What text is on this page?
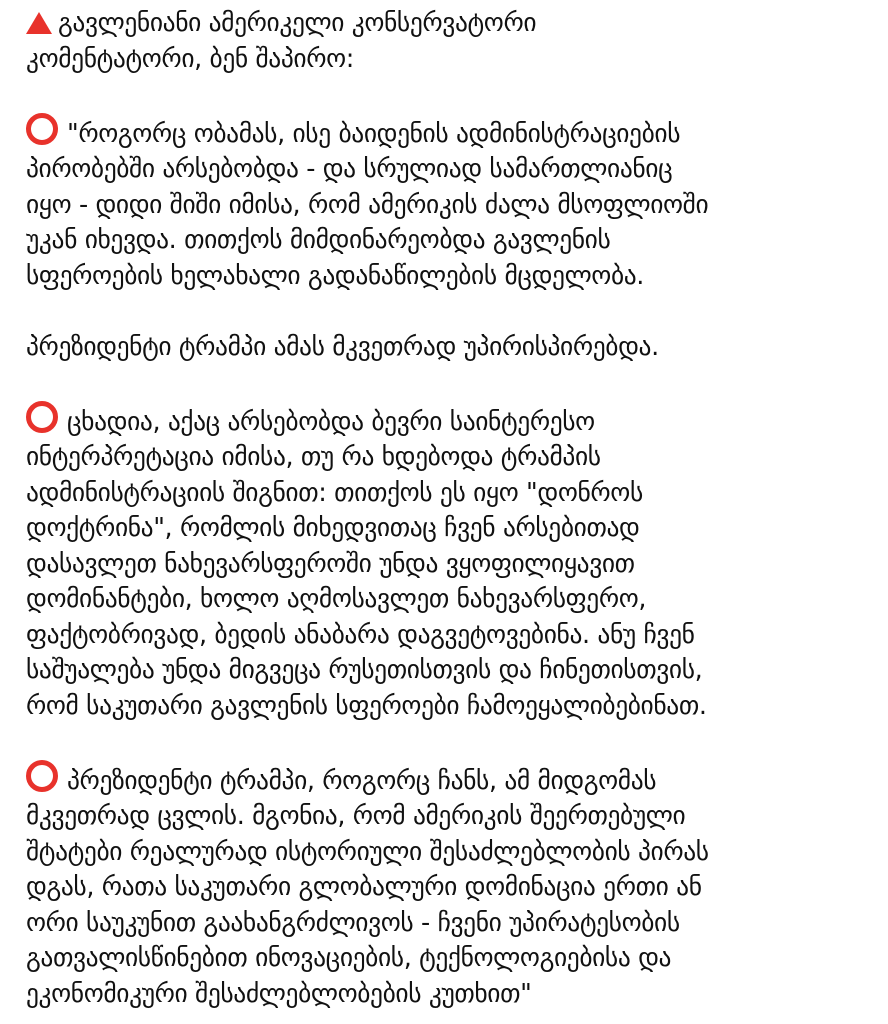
გავლენიანი ამერიკელი კონსერვატორი
კომენტატორი, ბენ შაპირო:

"როგორც ობამას, ისე ბაიდენის ადმინისტრაციების
პირობებში არსებობდა - და სრულიად სამართლიანიც
იყო - დიდი შიში იმისა, რომ ამერიკის ძალა მსოფლიოში
უკან იხევდა. თითქოს მიმდინარეობდა გავლენის
სფეროების ხელახალი გადანაწილების მცდელობა.

პრეზიდენტი ტრამპი ამას მკვეთრად უპირისპირებდა.

ცხადია, აქაც არსებობდა ბევრი საინტერესო
ინტერპრეტაცია იმისა, თუ რა ხდებოდა ტრამპის
ადმინისტრაციის შიგნით: თითქოს ეს იყო "დონროს
დოქტრინა", რომლის მიხედვითაც ჩვენ არსებითად
დასავლეთ ნახევარსფეროში უნდა ვყოფილიყავით
დომინანტები, ხოლო აღმოსავლეთ ნახევარსფერო,
ფაქტობრივად, ბედის ანაბარა დაგვეტოვებინა. ანუ ჩვენ
საშუალება უნდა მიგვეცა რუსეთისთვის და ჩინეთისთვის,
რომ საკუთარი გავლენის სფეროები ჩამოეყალიბებინათ.

პრეზიდენტი ტრამპი, როგორც ჩანს, ამ მიდგომას
მკვეთრად ცვლის. მგონია, რომ ამერიკის შეერთებული
შტატები რეალურად ისტორიული შესაძლებლობის პირას
დგას, რათა საკუთარი გლობალური დომინაცია ერთი ან
ორი საუკუნით გაახანგრძლივოს - ჩვენი უპირატესობის
გათვალისწინებით ინოვაციების, ტექნოლოგიებისა და
ეკონომიკური შესაძლებლობების კუთხით"
